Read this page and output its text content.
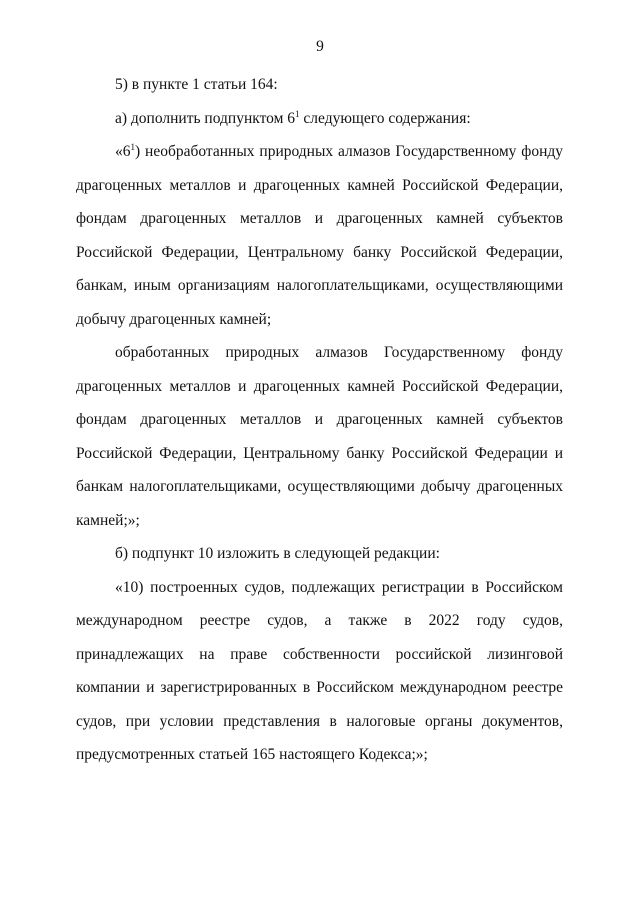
9

5) в пункте 1 статьи 164:

а) дополнить подпунктом $6^1$ следующего содержания:

«$6^1$) необработанных природных алмазов Государственному фонду драгоценных металлов и драгоценных камней Российской Федерации, фондам драгоценных металлов и драгоценных камней субъектов Российской Федерации, Центральному банку Российской Федерации, банкам, иным организациям налогоплательщиками, осуществляющими добычу драгоценных камней;

обработанных природных алмазов Государственному фонду драгоценных металлов и драгоценных камней Российской Федерации, фондам драгоценных металлов и драгоценных камней субъектов Российской Федерации, Центральному банку Российской Федерации и банкам налогоплательщиками, осуществляющими добычу драгоценных камней;»;

б) подпункт 10 изложить в следующей редакции:

«10) построенных судов, подлежащих регистрации в Российском международном реестре судов, а также в 2022 году судов, принадлежащих на праве собственности российской лизинговой компании и зарегистрированных в Российском международном реестре судов, при условии представления в налоговые органы документов, предусмотренных статьей 165 настоящего Кодекса;»;
